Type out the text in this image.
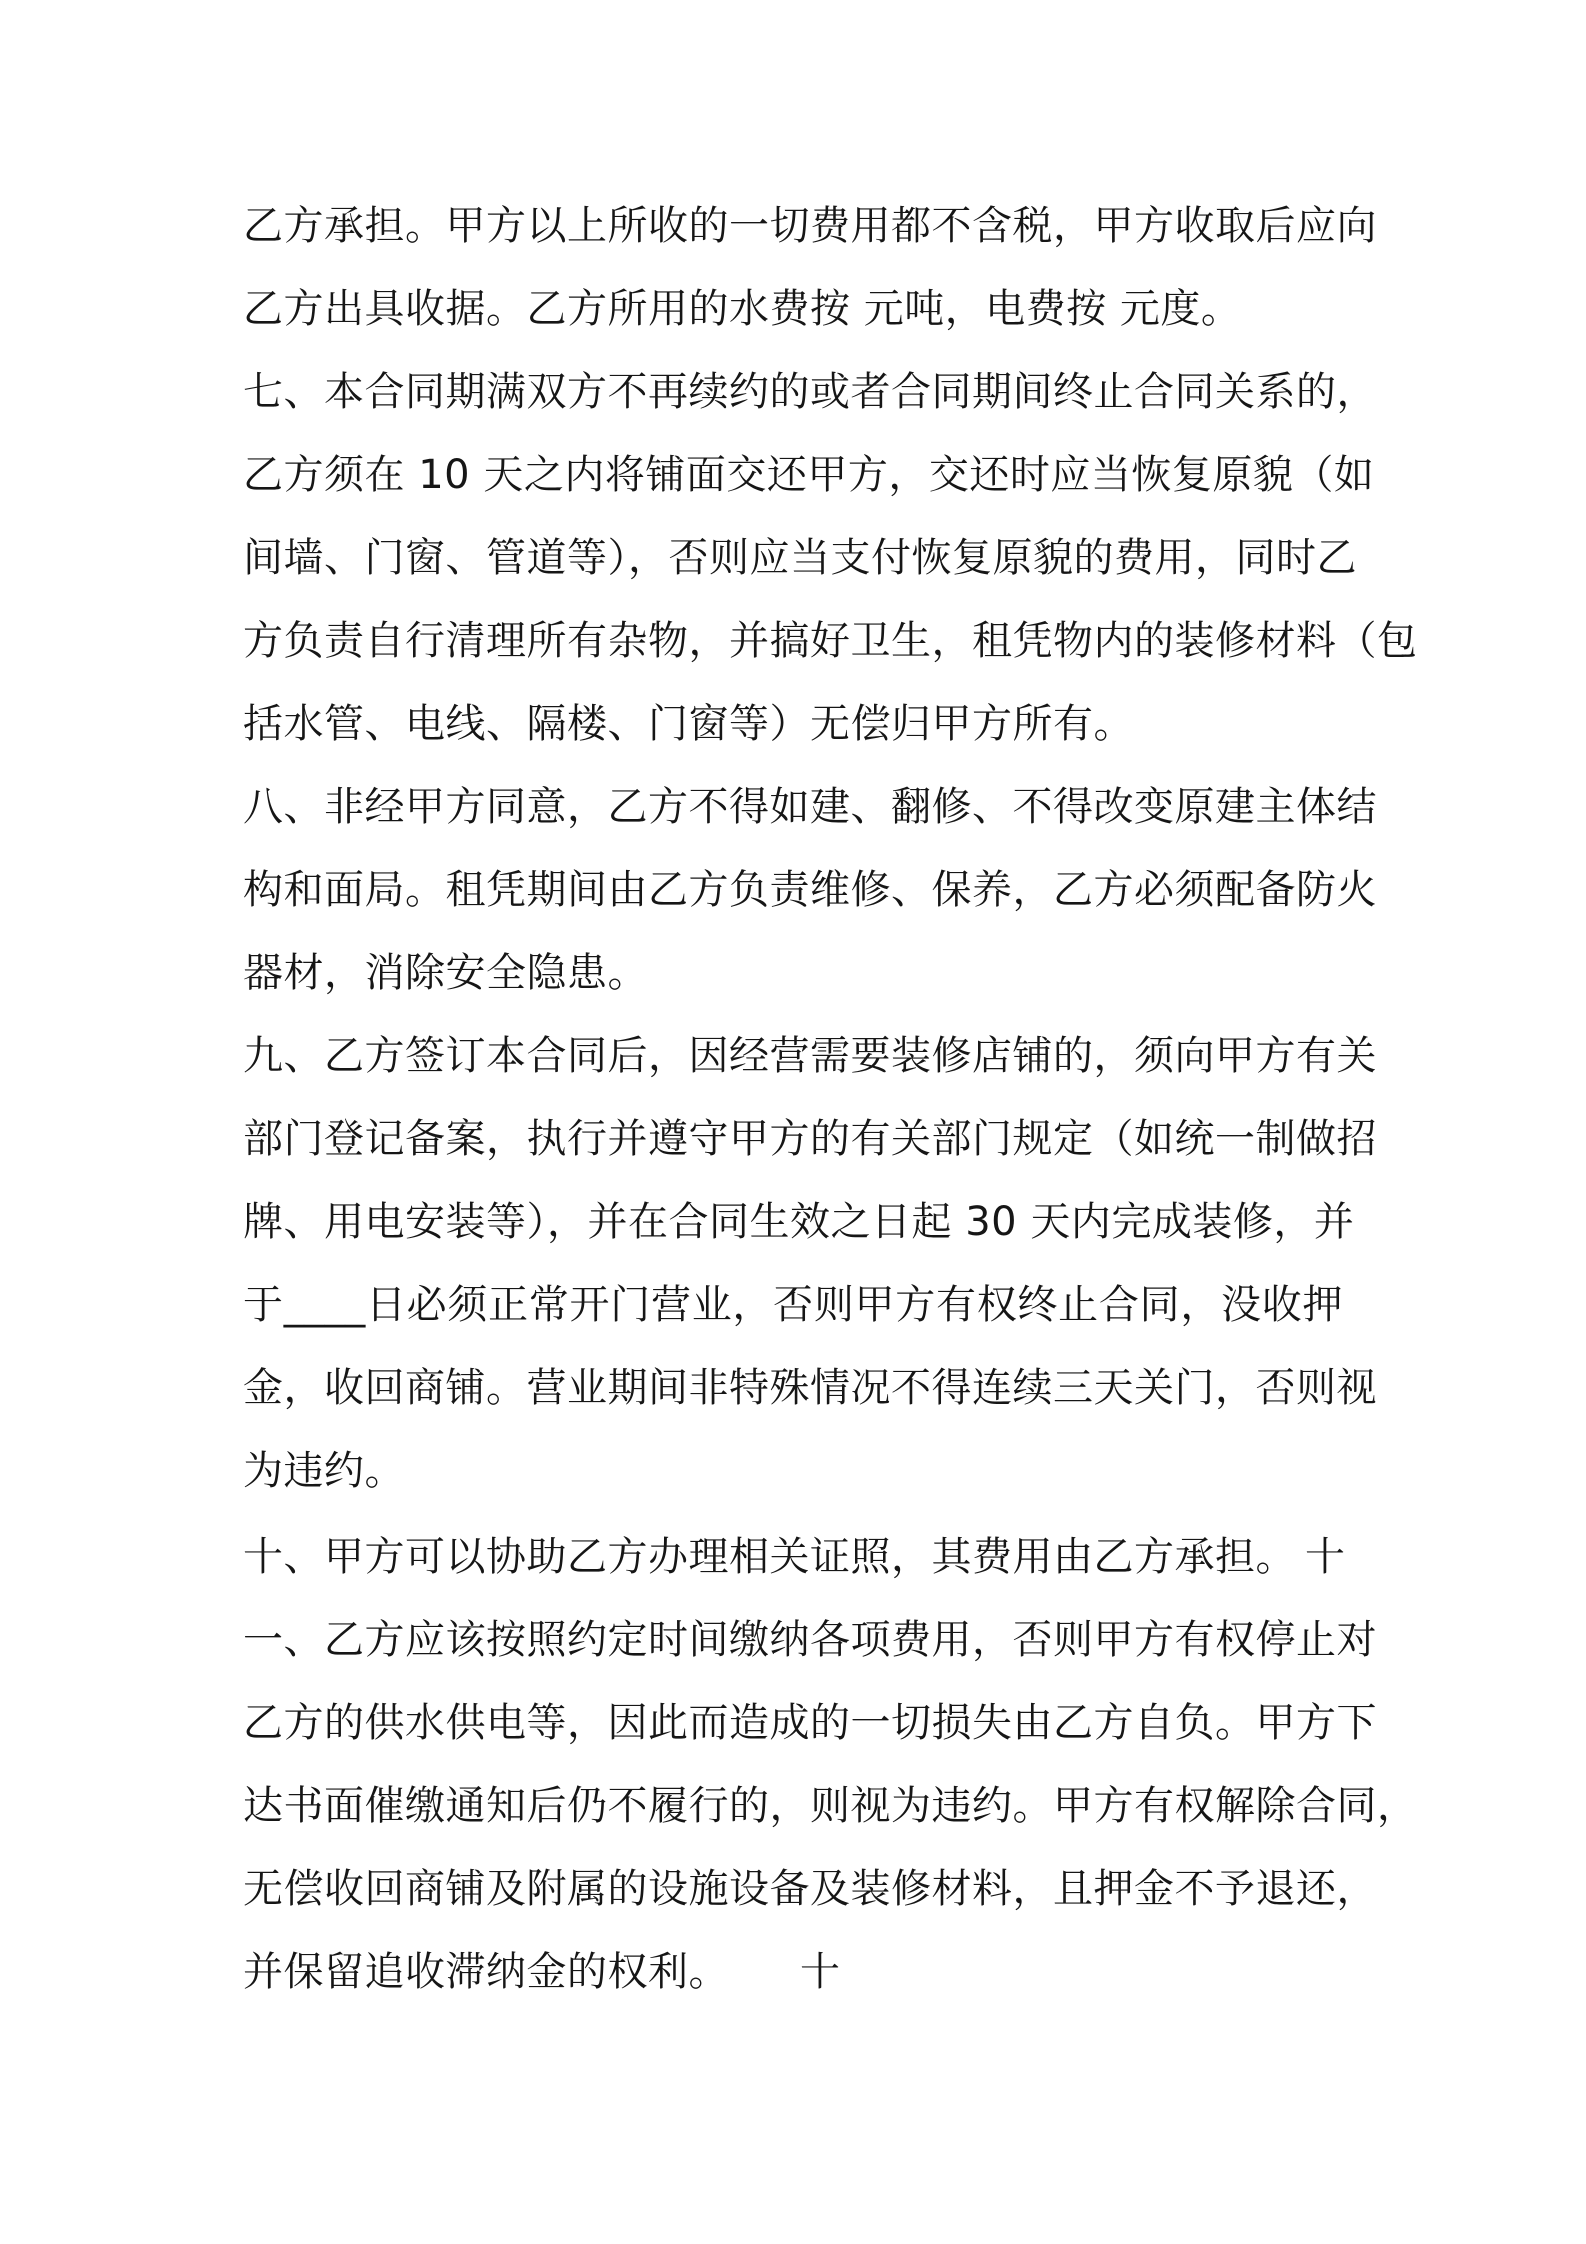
乙方承担。甲方以上所收的一切费用都不含税，甲方收取后应向
乙方出具收据。乙方所用的水费按 元吨，电费按 元度。
七、本合同期满双方不再续约的或者合同期间终止合同关系的，
乙方须在 10 天之内将铺面交还甲方，交还时应当恢复原貌（如
间墙、门窗、管道等），否则应当支付恢复原貌的费用，同时乙
方负责自行清理所有杂物，并搞好卫生，租凭物内的装修材料（包
括水管、电线、隔楼、门窗等）无偿归甲方所有。
八、非经甲方同意，乙方不得如建、翻修、不得改变原建主体结
构和面局。租凭期间由乙方负责维修、保养，乙方必须配备防火
器材，消除安全隐患。
九、乙方签订本合同后，因经营需要装修店铺的，须向甲方有关
部门登记备案，执行并遵守甲方的有关部门规定（如统一制做招
牌、用电安装等），并在合同生效之日起 30 天内完成装修，并
于____日必须正常开门营业，否则甲方有权终止合同，没收押
金，收回商铺。营业期间非特殊情况不得连续三天关门，否则视
为违约。
十、甲方可以协助乙方办理相关证照，其费用由乙方承担。 十
一、乙方应该按照约定时间缴纳各项费用，否则甲方有权停止对
乙方的供水供电等，因此而造成的一切损失由乙方自负。甲方下
达书面催缴通知后仍不履行的，则视为违约。甲方有权解除合同，
无偿收回商铺及附属的设施设备及装修材料，且押金不予退还，
并保留追收滞纳金的权利。	十
